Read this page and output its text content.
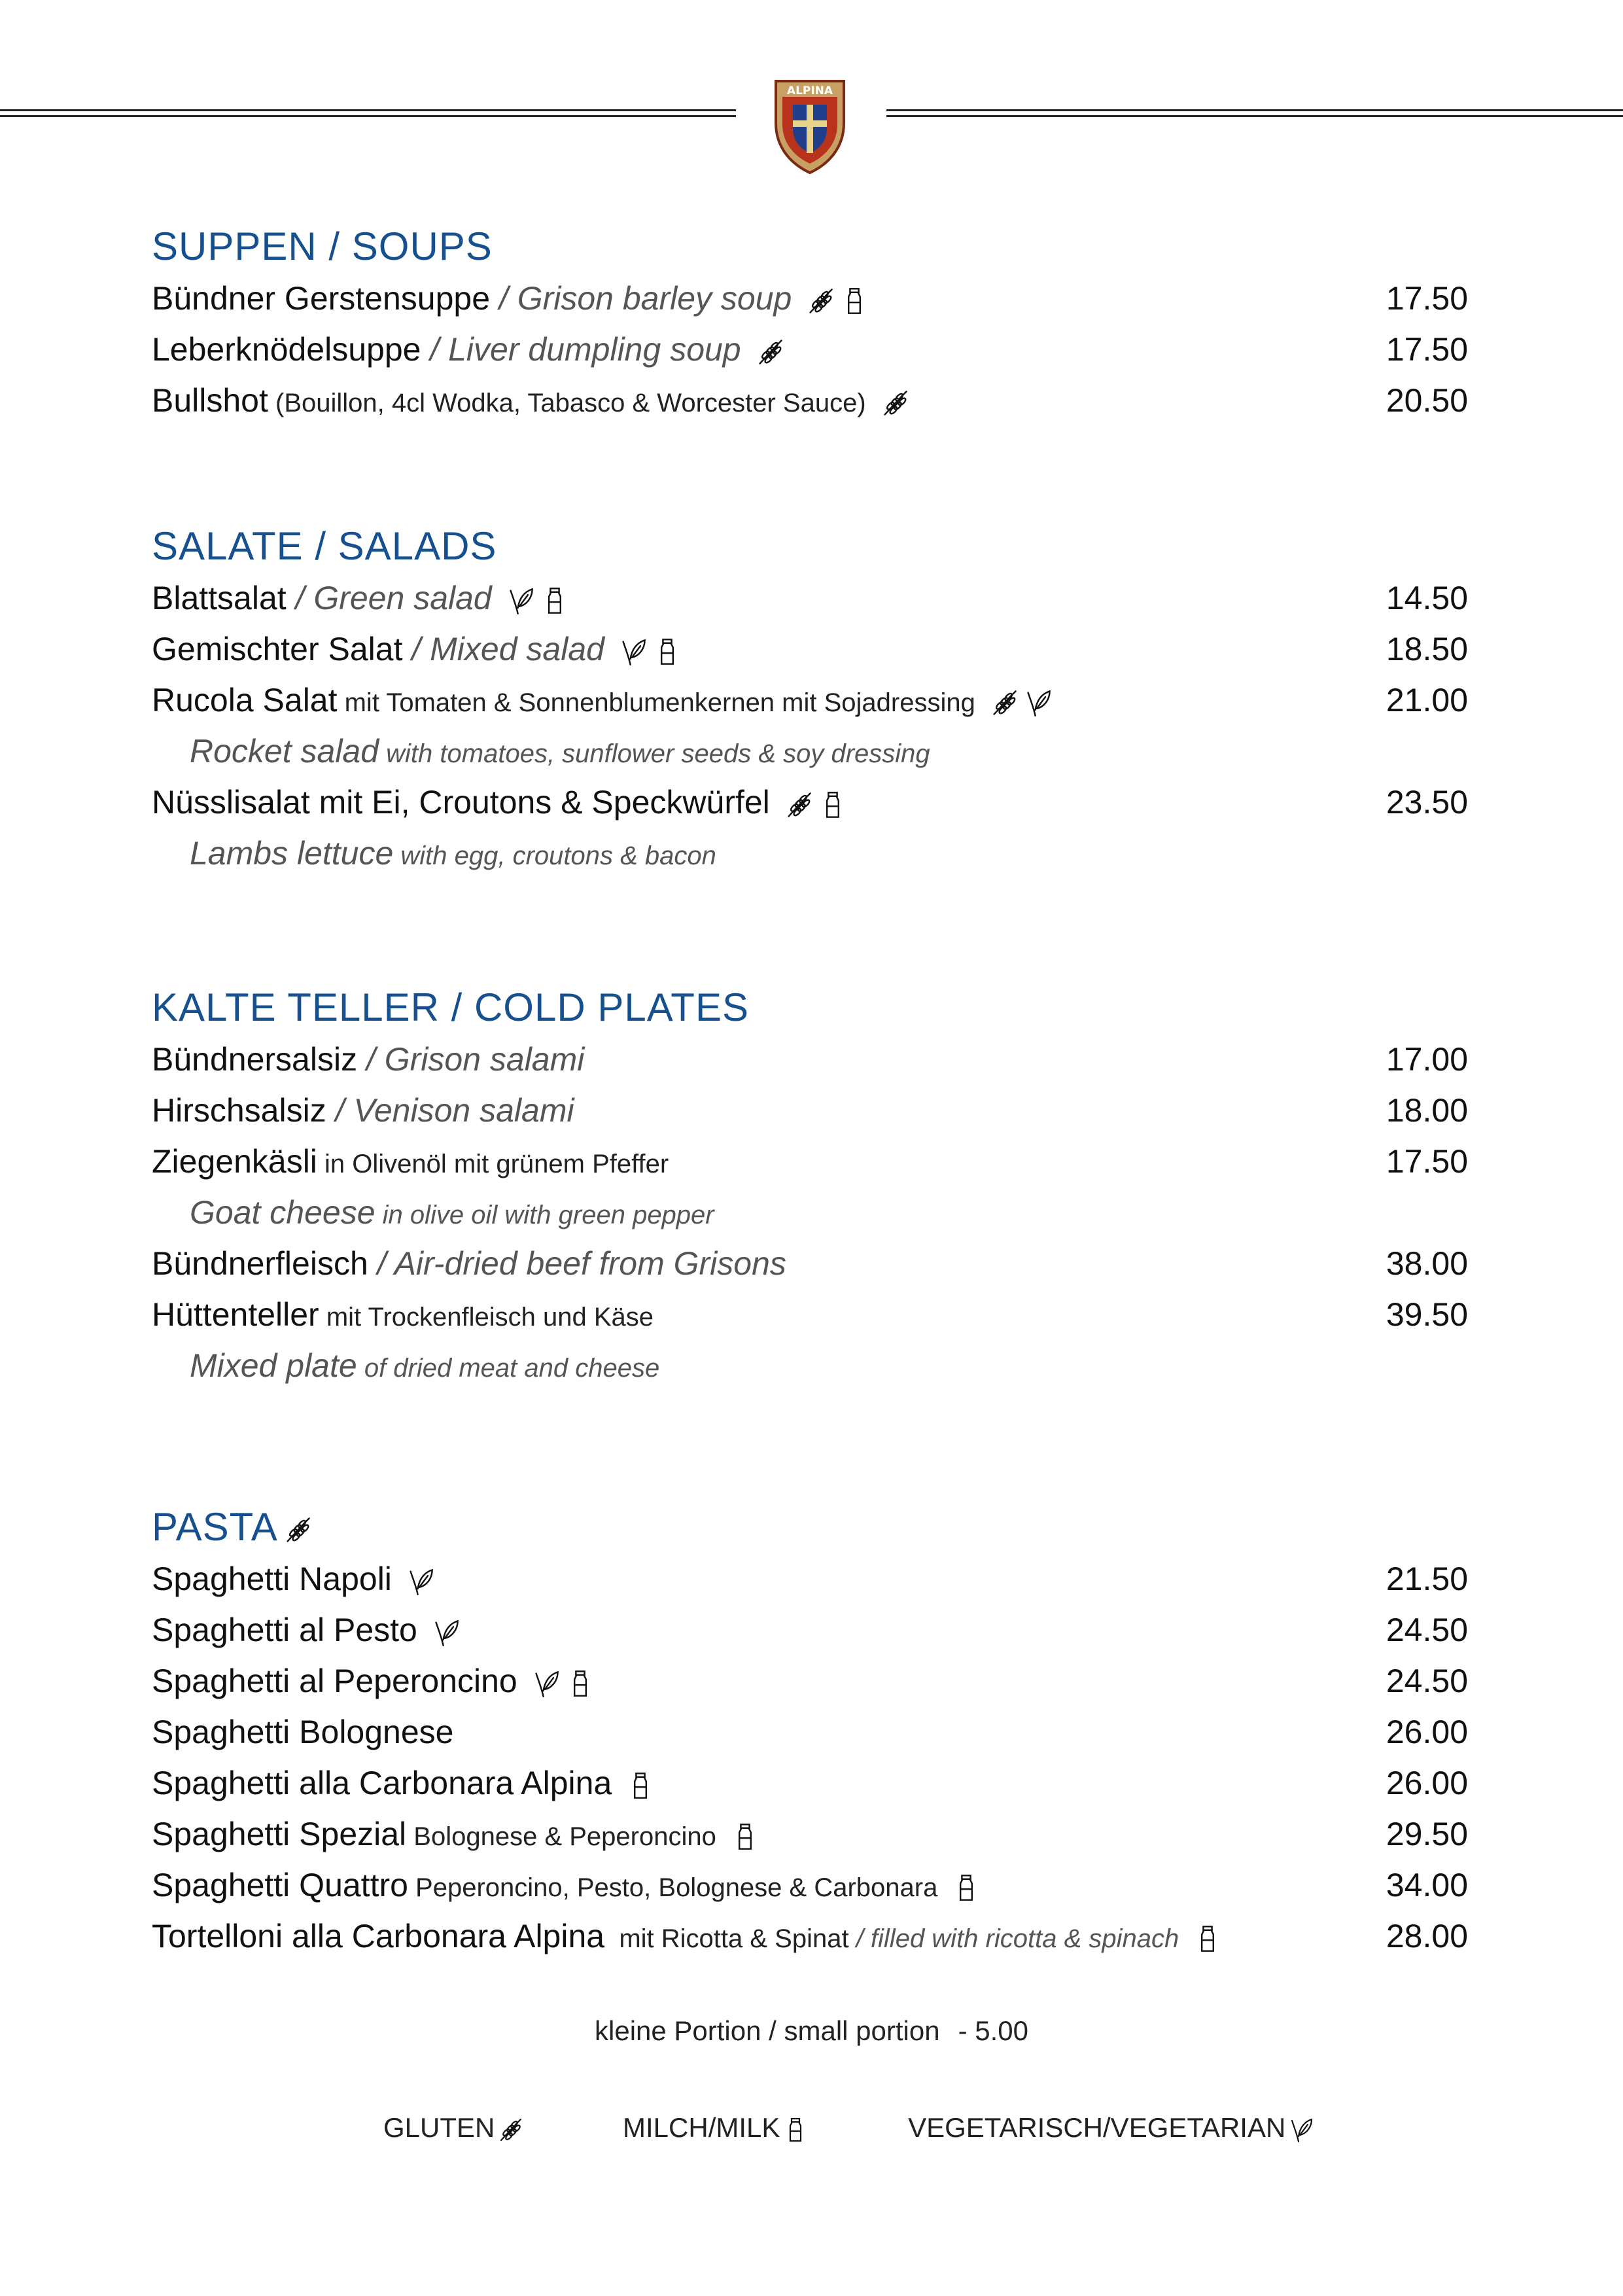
ALPINA
SUPPEN / SOUPS
Bündner Gerstensuppe / Grison barley soup	17.50
Leberknödelsuppe / Liver dumpling soup	17.50
Bullshot (Bouillon, 4cl Wodka, Tabasco & Worcester Sauce)	20.50
SALATE / SALADS
Blattsalat / Green salad	14.50
Gemischter Salat / Mixed salad	18.50
Rucola Salat mit Tomaten & Sonnenblumenkernen mit Sojadressing	21.00
Rocket salad with tomatoes, sunflower seeds & soy dressing
Nüsslisalat mit Ei, Croutons & Speckwürfel	23.50
Lambs lettuce with egg, croutons & bacon
KALTE TELLER / COLD PLATES
Bündnersalsiz / Grison salami	17.00
Hirschsalsiz / Venison salami	18.00
Ziegenkäsli in Olivenöl mit grünem Pfeffer	17.50
Goat cheese in olive oil with green pepper
Bündnerfleisch / Air-dried beef from Grisons	38.00
Hüttenteller mit Trockenfleisch und Käse	39.50
Mixed plate of dried meat and cheese
PASTA
Spaghetti Napoli	21.50
Spaghetti al Pesto	24.50
Spaghetti al Peperoncino	24.50
Spaghetti Bolognese	26.00
Spaghetti alla Carbonara Alpina	26.00
Spaghetti Spezial Bolognese & Peperoncino	29.50
Spaghetti Quattro Peperoncino, Pesto, Bolognese & Carbonara	34.00
Tortelloni alla Carbonara Alpina  mit Ricotta & Spinat / filled with ricotta & spinach	28.00
kleine Portion / small portion - 5.00
GLUTEN	MILCH/MILK	VEGETARISCH/VEGETARIAN
